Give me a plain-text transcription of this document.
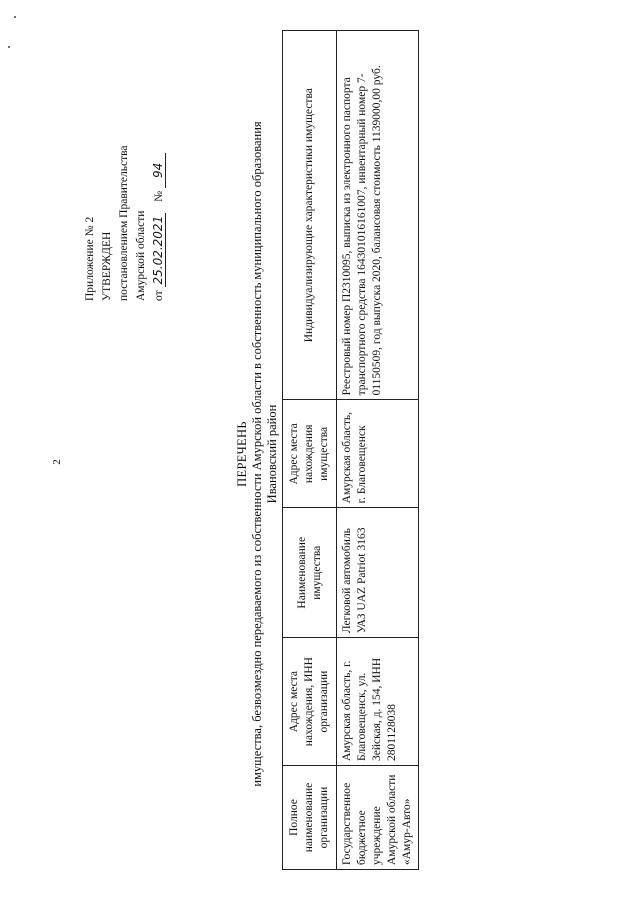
2
Приложение № 2 УТВЕРЖДЕН постановлением Правительства Амурской области от 25.02.2021 № 94
ПЕРЕЧЕНЬ имущества, безвозмездно передаваемого из собственности Амурской области в собственность муниципального образования Ивановский район
Полное наименование организации	Адрес места нахождения, ИНН организации	Наименование имущества	Адрес места нахождения имущества	Индивидуализирующие характеристики имущества
Государственное бюджетное учреждение Амурской области «Амур-Авто»	Амурская область, г. Благовещенск, ул. Зейская, д. 154, ИНН 2801128038	Легковой автомобиль УАЗ UAZ Patriot 3163	Амурская область, г. Благовещенск	Реестровый номер П2310095, выписка из электронного паспорта транспортного средства 164301016161007, инвентарный номер 7-01150509, год выпуска 2020, балансовая стоимость 1139000,00 руб.
